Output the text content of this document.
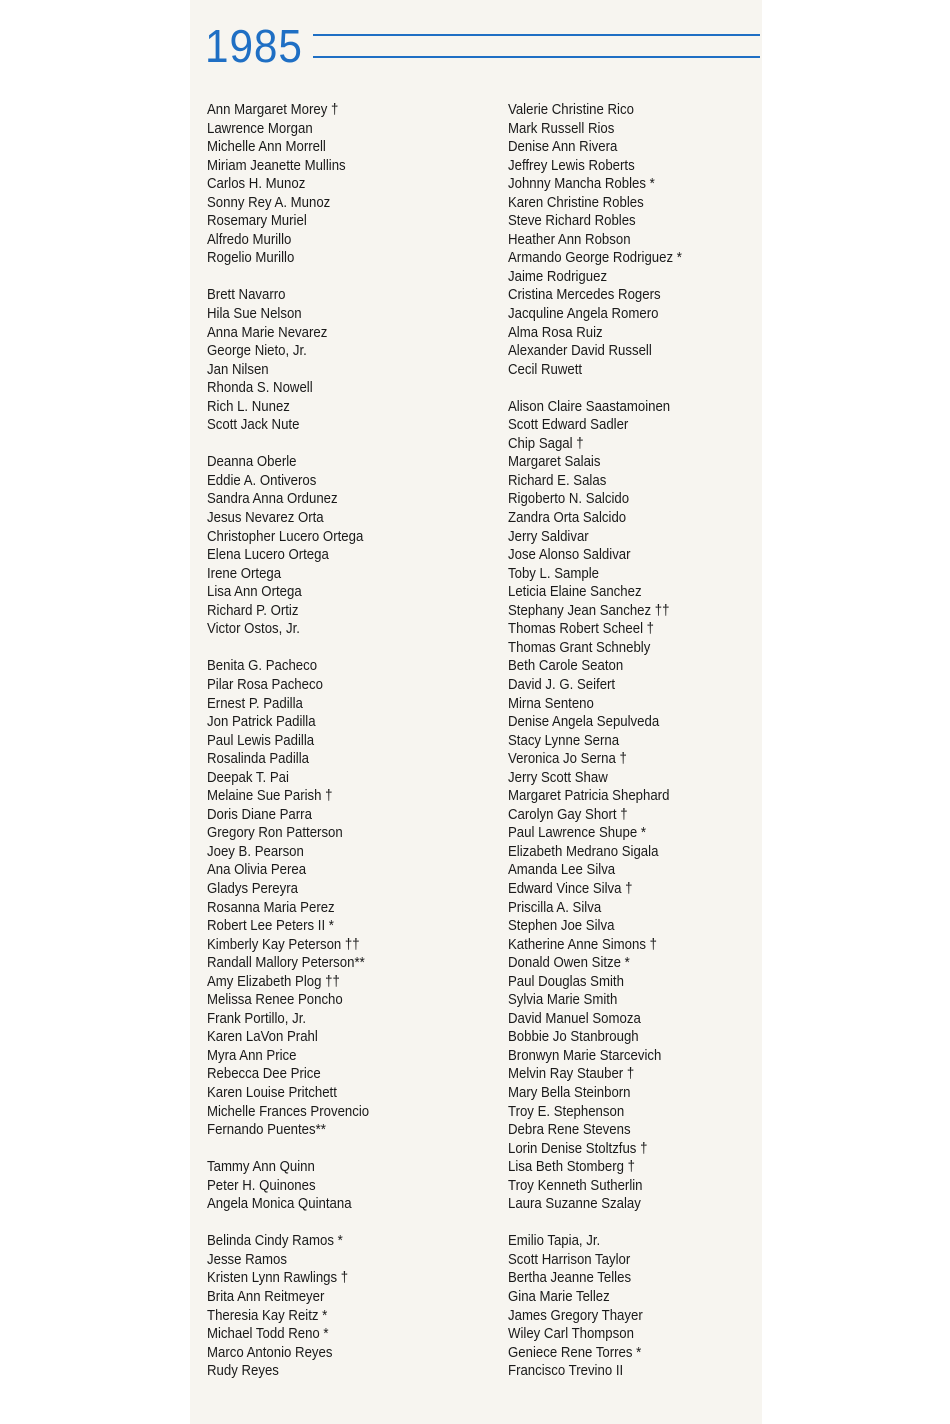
1985
Ann Margaret Morey †
Lawrence Morgan
Michelle Ann Morrell
Miriam Jeanette Mullins
Carlos H. Munoz
Sonny Rey A. Munoz
Rosemary Muriel
Alfredo Murillo
Rogelio Murillo
Brett Navarro
Hila Sue Nelson
Anna Marie Nevarez
George Nieto, Jr.
Jan Nilsen
Rhonda S. Nowell
Rich L. Nunez
Scott Jack Nute
Deanna Oberle
Eddie A. Ontiveros
Sandra Anna Ordunez
Jesus Nevarez Orta
Christopher Lucero Ortega
Elena Lucero Ortega
Irene Ortega
Lisa Ann Ortega
Richard P. Ortiz
Victor Ostos, Jr.
Benita G. Pacheco
Pilar Rosa Pacheco
Ernest P. Padilla
Jon Patrick Padilla
Paul Lewis Padilla
Rosalinda Padilla
Deepak T. Pai
Melaine Sue Parish †
Doris Diane Parra
Gregory Ron Patterson
Joey B. Pearson
Ana Olivia Perea
Gladys Pereyra
Rosanna Maria Perez
Robert Lee Peters II *
Kimberly Kay Peterson ††
Randall Mallory Peterson**
Amy Elizabeth Plog ††
Melissa Renee Poncho
Frank Portillo, Jr.
Karen LaVon Prahl
Myra Ann Price
Rebecca Dee Price
Karen Louise Pritchett
Michelle Frances Provencio
Fernando Puentes**
Tammy Ann Quinn
Peter H. Quinones
Angela Monica Quintana
Belinda Cindy Ramos *
Jesse Ramos
Kristen Lynn Rawlings †
Brita Ann Reitmeyer
Theresia Kay Reitz *
Michael Todd Reno *
Marco Antonio Reyes
Rudy Reyes
Valerie Christine Rico
Mark Russell Rios
Denise Ann Rivera
Jeffrey Lewis Roberts
Johnny Mancha Robles *
Karen Christine Robles
Steve Richard Robles
Heather Ann Robson
Armando George Rodriguez *
Jaime Rodriguez
Cristina Mercedes Rogers
Jacquline Angela Romero
Alma Rosa Ruiz
Alexander David Russell
Cecil Ruwett
Alison Claire Saastamoinen
Scott Edward Sadler
Chip Sagal †
Margaret Salais
Richard E. Salas
Rigoberto N. Salcido
Zandra Orta Salcido
Jerry Saldivar
Jose Alonso Saldivar
Toby L. Sample
Leticia Elaine Sanchez
Stephany Jean Sanchez ††
Thomas Robert Scheel †
Thomas Grant Schnebly
Beth Carole Seaton
David J. G. Seifert
Mirna Senteno
Denise Angela Sepulveda
Stacy Lynne Serna
Veronica Jo Serna †
Jerry Scott Shaw
Margaret Patricia Shephard
Carolyn Gay Short †
Paul Lawrence Shupe *
Elizabeth Medrano Sigala
Amanda Lee Silva
Edward Vince Silva †
Priscilla A. Silva
Stephen Joe Silva
Katherine Anne Simons †
Donald Owen Sitze *
Paul Douglas Smith
Sylvia Marie Smith
David Manuel Somoza
Bobbie Jo Stanbrough
Bronwyn Marie Starcevich
Melvin Ray Stauber †
Mary Bella Steinborn
Troy E. Stephenson
Debra Rene Stevens
Lorin Denise Stoltzfus †
Lisa Beth Stomberg †
Troy Kenneth Sutherlin
Laura Suzanne Szalay
Emilio Tapia, Jr.
Scott Harrison Taylor
Bertha Jeanne Telles
Gina Marie Tellez
James Gregory Thayer
Wiley Carl Thompson
Geniece Rene Torres *
Francisco Trevino II
